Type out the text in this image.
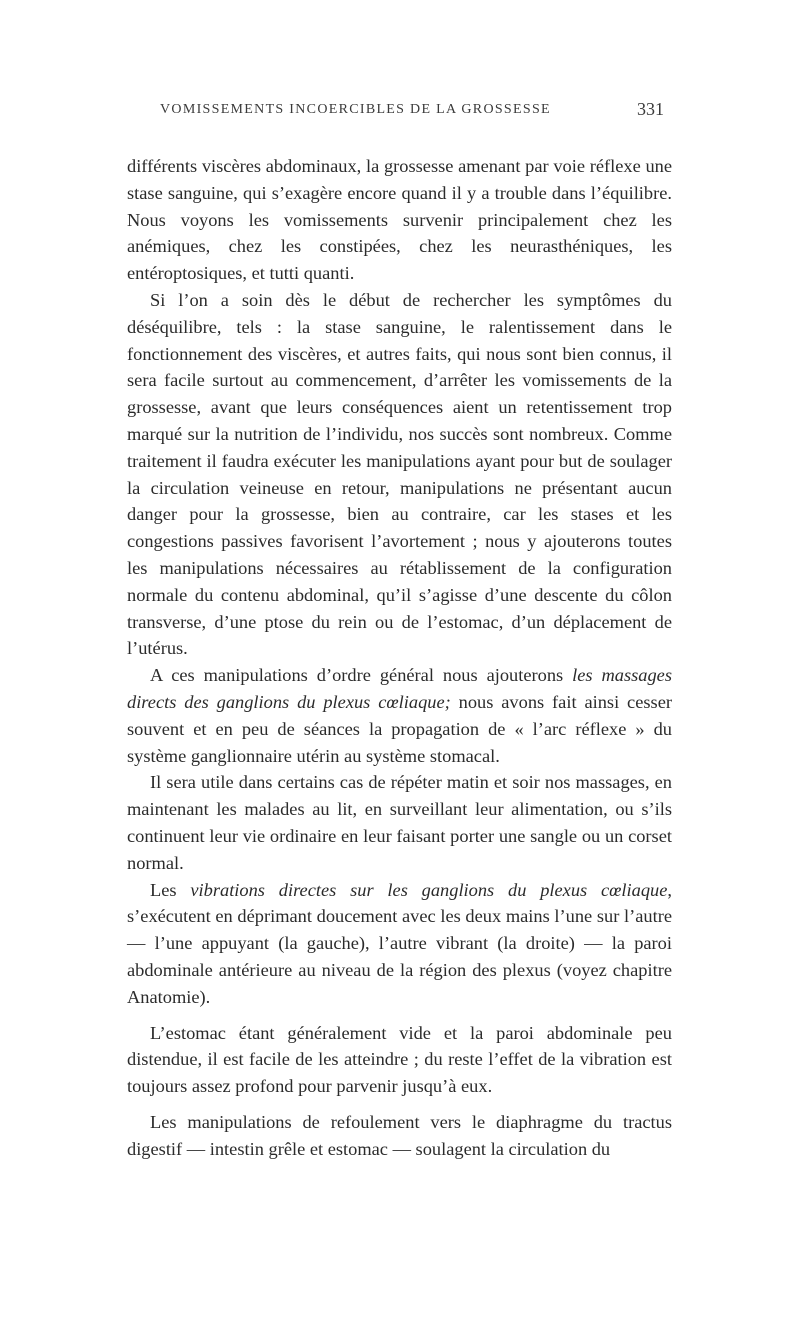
VOMISSEMENTS INCOERCIBLES DE LA GROSSESSE	331

différents viscères abdominaux, la grossesse amenant par voie réflexe une stase sanguine, qui s’exagère encore quand il y a trouble dans l’équilibre. Nous voyons les vomissements survenir principalement chez les anémiques, chez les constipées, chez les neurasthéniques, les entéroptosiques, et tutti quanti.

Si l’on a soin dès le début de rechercher les symptômes du déséquilibre, tels : la stase sanguine, le ralentissement dans le fonctionnement des viscères, et autres faits, qui nous sont bien connus, il sera facile surtout au commencement, d’arrêter les vomissements de la grossesse, avant que leurs conséquences aient un retentissement trop marqué sur la nutrition de l’individu, nos succès sont nombreux. Comme traitement il faudra exécuter les manipulations ayant pour but de soulager la circulation veineuse en retour, manipulations ne présentant aucun danger pour la grossesse, bien au contraire, car les stases et les congestions passives favorisent l’avortement ; nous y ajouterons toutes les manipulations nécessaires au rétablissement de la configuration normale du contenu abdominal, qu’il s’agisse d’une descente du côlon transverse, d’une ptose du rein ou de l’estomac, d’un déplacement de l’utérus.

A ces manipulations d’ordre général nous ajouterons les massages directs des ganglions du plexus cœliaque; nous avons fait ainsi cesser souvent et en peu de séances la propagation de « l’arc réflexe » du système ganglionnaire utérin au système stomacal.

Il sera utile dans certains cas de répéter matin et soir nos massages, en maintenant les malades au lit, en surveillant leur alimentation, ou s’ils continuent leur vie ordinaire en leur faisant porter une sangle ou un corset normal.

Les vibrations directes sur les ganglions du plexus cœliaque, s’exécutent en déprimant doucement avec les deux mains l’une sur l’autre — l’une appuyant (la gauche), l’autre vibrant (la droite) — la paroi abdominale antérieure au niveau de la région des plexus (voyez chapitre Anatomie).

L’estomac étant généralement vide et la paroi abdominale peu distendue, il est facile de les atteindre ; du reste l’effet de la vibration est toujours assez profond pour parvenir jusqu’à eux.

Les manipulations de refoulement vers le diaphragme du tractus digestif — intestin grêle et estomac — soulagent la circulation du
